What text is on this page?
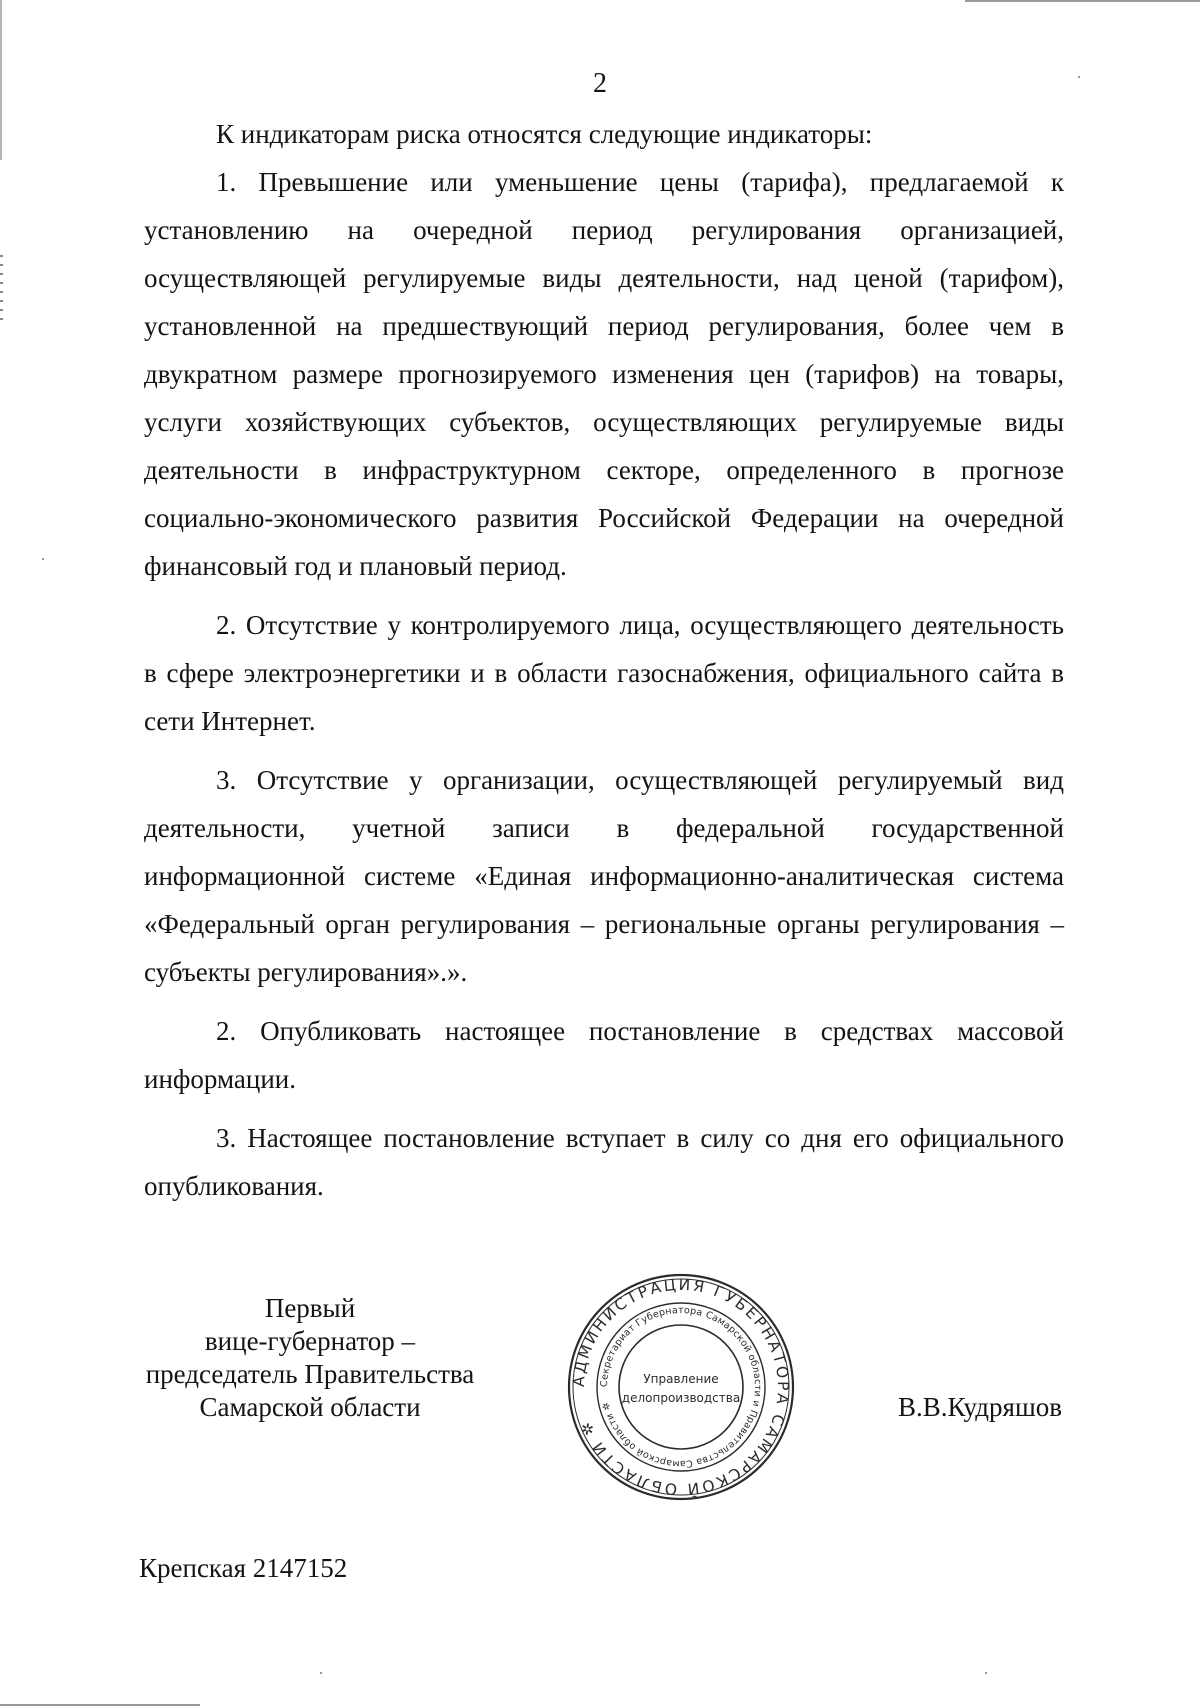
2

К индикаторам риска относятся следующие индикаторы:

1. Превышение или уменьшение цены (тарифа), предлагаемой к установлению на очередной период регулирования организацией, осуществляющей регулируемые виды деятельности, над ценой (тарифом), установленной на предшествующий период регулирования, более чем в двукратном размере прогнозируемого изменения цен (тарифов) на товары, услуги хозяйствующих субъектов, осуществляющих регулируемые виды деятельности в инфраструктурном секторе, определенного в прогнозе социально-экономического развития Российской Федерации на очередной финансовый год и плановый период.

2. Отсутствие у контролируемого лица, осуществляющего деятельность в сфере электроэнергетики и в области газоснабжения, официального сайта в сети Интернет.

3. Отсутствие у организации, осуществляющей регулируемый вид деятельности, учетной записи в федеральной государственной информационной системе «Единая информационно-аналитическая система «Федеральный орган регулирования – региональные органы регулирования – субъекты регулирования».».

2. Опубликовать настоящее постановление в средствах массовой информации.

3. Настоящее постановление вступает в силу со дня его официального опубликования.

Первый
вице-губернатор –
председатель Правительства
Самарской области
АДМИНИСТРАЦИЯ ГУБЕРНАТОРА САМАРСКОЙ ОБЛАСТИ ✲
Секретариат Губернатора Самарской области и Правительства Самарской области ✲
Управление
делопроизводства	В.В.Кудряшов
Крепская 2147152
